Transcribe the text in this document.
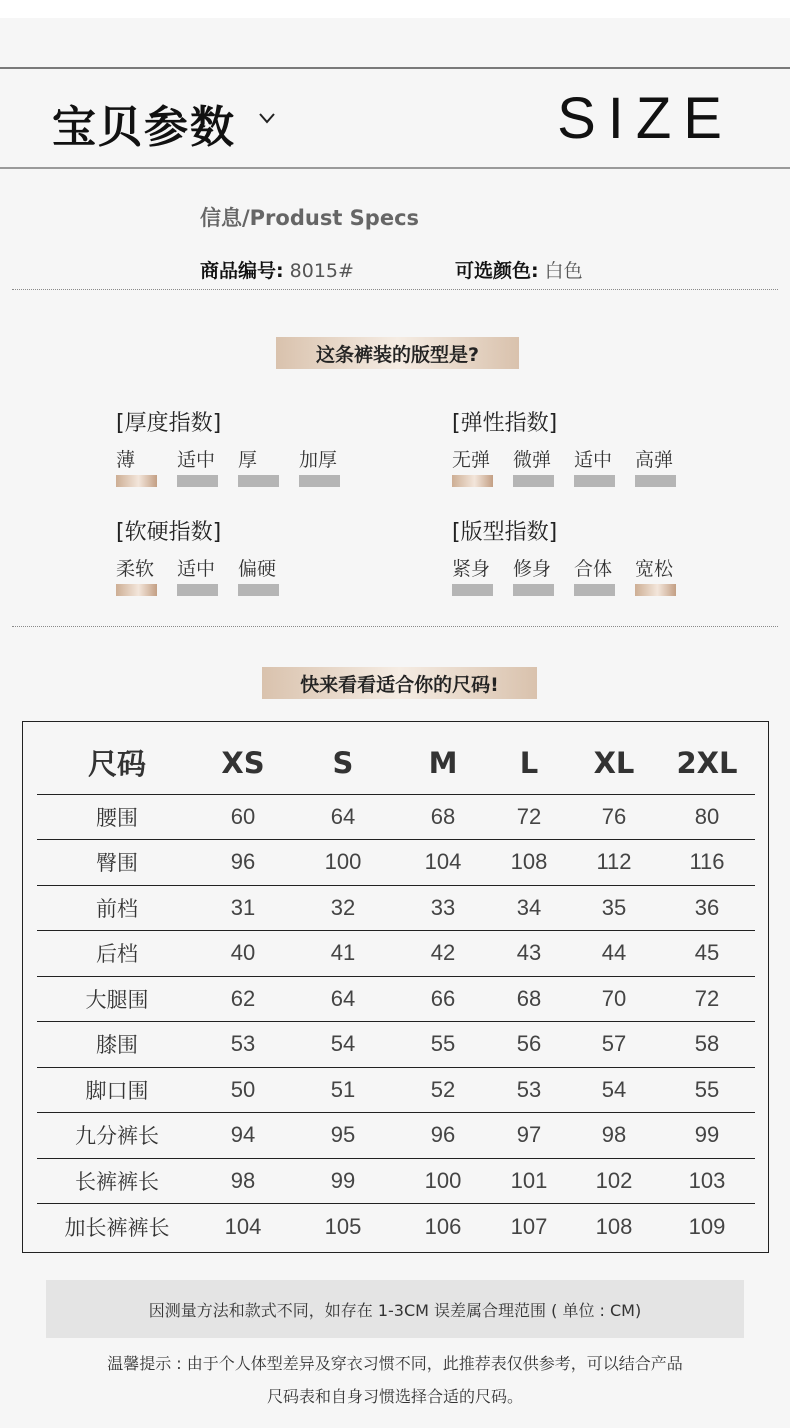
宝贝参数	SIZE
信息/Produst Specs
商品编号: 8015#	可选颜色: 白色
这条裤装的版型是?
[厚度指数]
薄 适中 厚 加厚
[弹性指数]
无弹 微弹 适中 高弹
[软硬指数]
柔软 适中 偏硬
[版型指数]
紧身 修身 合体 宽松
快来看看适合你的尺码!
尺码	XS	S	M	L	XL	2XL
腰围	60	64	68	72	76	80
臀围	96	100	104	108	112	116
前档	31	32	33	34	35	36
后档	40	41	42	43	44	45
大腿围	62	64	66	68	70	72
膝围	53	54	55	56	57	58
脚口围	50	51	52	53	54	55
九分裤长	94	95	96	97	98	99
长裤裤长	98	99	100	101	102	103
加长裤裤长	104	105	106	107	108	109
因测量方法和款式不同，如存在 1-3CM 误差属合理范围 ( 单位 : CM)
温馨提示 : 由于个人体型差异及穿衣习惯不同，此推荐表仅供参考，可以结合产品
尺码表和自身习惯选择合适的尺码。
